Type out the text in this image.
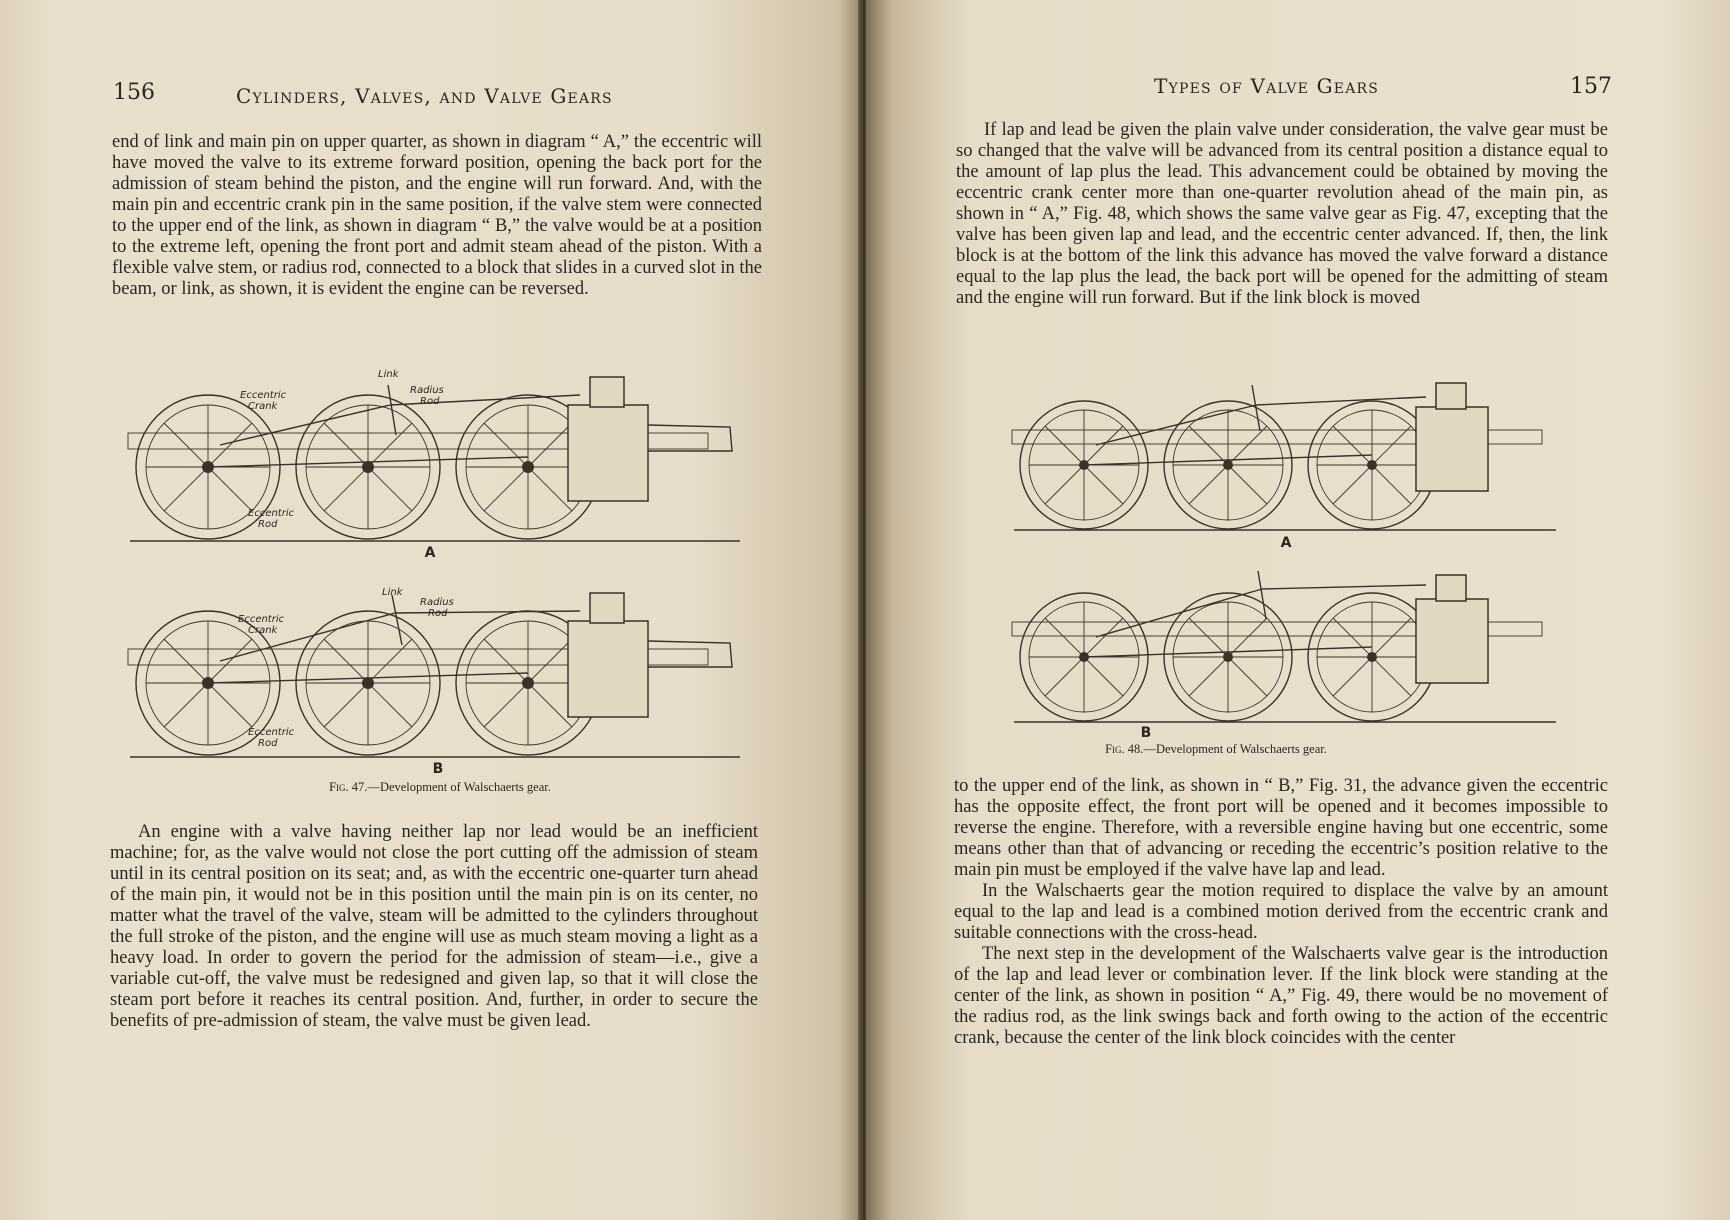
156	Cylinders, Valves, and Valve Gears

end of link and main pin on upper quarter, as shown in diagram “ A,” the eccentric will have moved the valve to its extreme forward position, opening the back port for the admission of steam behind the piston, and the engine will run forward. And, with the main pin and eccentric crank pin in the same position, if the valve stem were connected to the upper end of the link, as shown in diagram “ B,” the valve would be at a position to the extreme left, opening the front port and admit steam ahead of the piston. With a flexible valve stem, or radius rod, connected to a block that slides in a curved slot in the beam, or link, as shown, it is evident the engine can be reversed.

Eccentric
Crank
Link
Radius
Rod
Eccentric
Rod
A
Eccentric
Crank
Link
Radius
Rod
Eccentric
Rod
B
Fig. 47.—Development of Walschaerts gear.

An engine with a valve having neither lap nor lead would be an inefficient machine; for, as the valve would not close the port cutting off the admission of steam until in its central position on its seat; and, as with the eccentric one-quarter turn ahead of the main pin, it would not be in this position until the main pin is on its center, no matter what the travel of the valve, steam will be admitted to the cylinders throughout the full stroke of the piston, and the engine will use as much steam moving a light as a heavy load. In order to govern the period for the admission of steam—i.e., give a variable cut-off, the valve must be redesigned and given lap, so that it will close the steam port before it reaches its central position. And, further, in order to secure the benefits of pre-admission of steam, the valve must be given lead.

Types of Valve Gears	157

If lap and lead be given the plain valve under consideration, the valve gear must be so changed that the valve will be advanced from its central position a distance equal to the amount of lap plus the lead. This advancement could be obtained by moving the eccentric crank center more than one-quarter revolution ahead of the main pin, as shown in “ A,” Fig. 48, which shows the same valve gear as Fig. 47, excepting that the valve has been given lap and lead, and the eccentric center advanced. If, then, the link block is at the bottom of the link this advance has moved the valve forward a distance equal to the lap plus the lead, the back port will be opened for the admitting of steam and the engine will run forward. But if the link block is moved

A
B
Fig. 48.—Development of Walschaerts gear.

to the upper end of the link, as shown in “ B,” Fig. 31, the advance given the eccentric has the opposite effect, the front port will be opened and it becomes impossible to reverse the engine. Therefore, with a reversible engine having but one eccentric, some means other than that of advancing or receding the eccentric’s position relative to the main pin must be employed if the valve have lap and lead.

In the Walschaerts gear the motion required to displace the valve by an amount equal to the lap and lead is a combined motion derived from the eccentric crank and suitable connections with the cross-head.

The next step in the development of the Walschaerts valve gear is the introduction of the lap and lead lever or combination lever. If the link block were standing at the center of the link, as shown in position “ A,” Fig. 49, there would be no movement of the radius rod, as the link swings back and forth owing to the action of the eccentric crank, because the center of the link block coincides with the center
